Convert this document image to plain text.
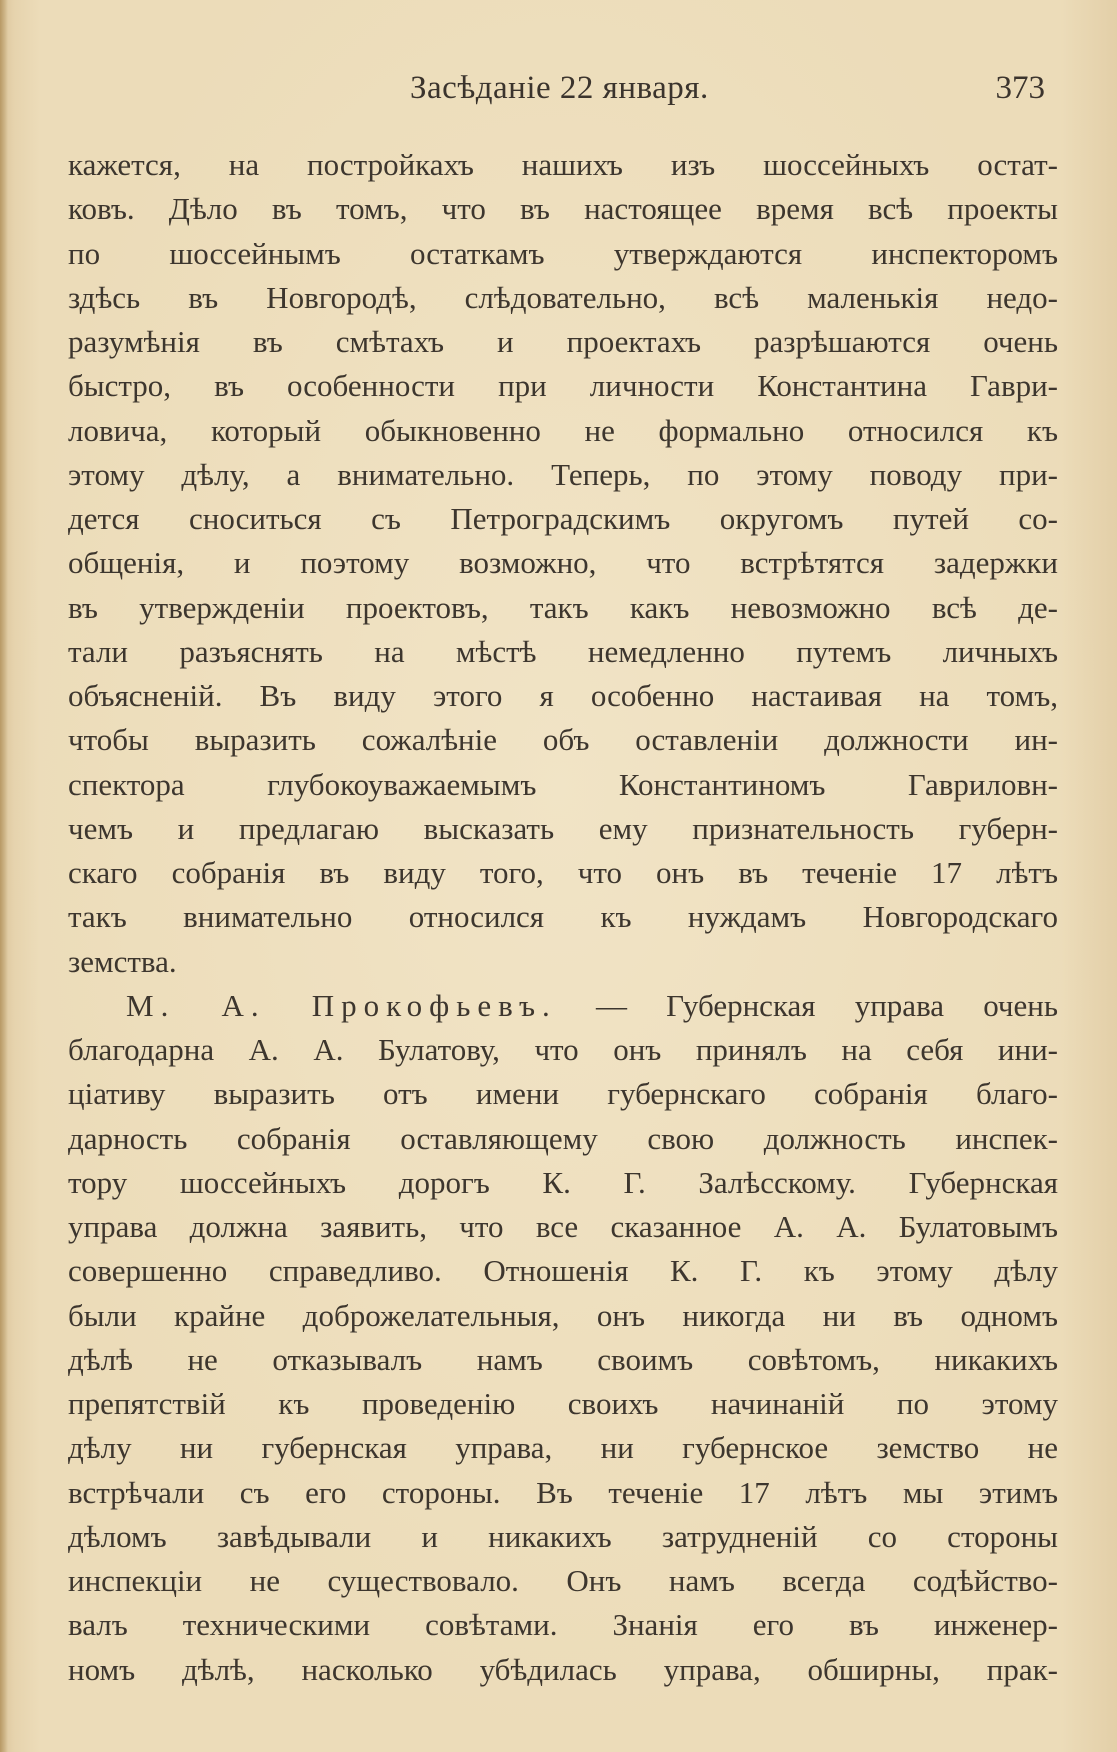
Засѣданіе 22 января.	373
кажется, на постройкахъ нашихъ изъ шоссейныхъ остат-
ковъ. Дѣло въ томъ, что въ настоящее время всѣ проекты
по шоссейнымъ остаткамъ утверждаются инспекторомъ
здѣсь въ Новгородѣ, слѣдовательно, всѣ маленькія недо-
разумѣнія въ смѣтахъ и проектахъ разрѣшаются очень
быстро, въ особенности при личности Константина Гаври-
ловича, который обыкновенно не формально относился къ
этому дѣлу, а внимательно. Теперь, по этому поводу при-
дется сноситься съ Петроградскимъ округомъ путей со-
общенія, и поэтому возможно, что встрѣтятся задержки
въ утвержденіи проектовъ, такъ какъ невозможно всѣ де-
тали разъяснять на мѣстѣ немедленно путемъ личныхъ
объясненій. Въ виду этого я особенно настаивая на томъ,
чтобы выразить сожалѣніе объ оставленіи должности ин-
спектора глубокоуважаемымъ Константиномъ Гавриловн-
чемъ и предлагаю высказать ему признательность губерн-
скаго собранія въ виду того, что онъ въ теченіе 17 лѣтъ
такъ внимательно относился къ нуждамъ Новгородскаго
земства.
М. А. Прокофьевъ. — Губернская управа очень
благодарна А. А. Булатову, что онъ принялъ на себя ини-
ціативу выразить отъ имени губернскаго собранія благо-
дарность собранія оставляющему свою должность инспек-
тору шоссейныхъ дорогъ К. Г. Залѣсскому. Губернская
управа должна заявить, что все сказанное А. А. Булатовымъ
совершенно справедливо. Отношенія К. Г. къ этому дѣлу
были крайне доброжелательныя, онъ никогда ни въ одномъ
дѣлѣ не отказывалъ намъ своимъ совѣтомъ, никакихъ
препятствій къ проведенію своихъ начинаній по этому
дѣлу ни губернская управа, ни губернское земство не
встрѣчали съ его стороны. Въ теченіе 17 лѣтъ мы этимъ
дѣломъ завѣдывали и никакихъ затрудненій со стороны
инспекціи не существовало. Онъ намъ всегда содѣйство-
валъ техническими совѣтами. Знанія его въ инженер-
номъ дѣлѣ, насколько убѣдилась управа, обширны, прак-
